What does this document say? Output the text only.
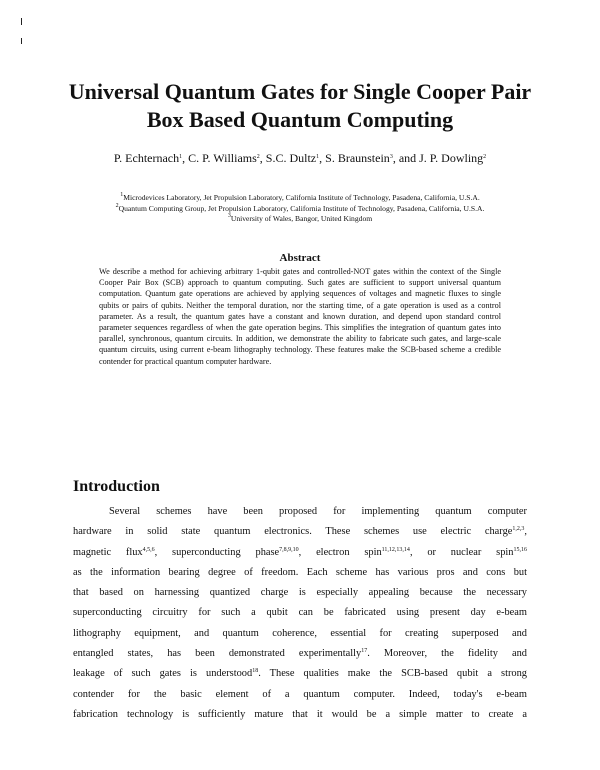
Universal Quantum Gates for Single Cooper Pair
Box Based Quantum Computing
P. Echternach$^1$, C. P. Williams$^2$, S.C. Dultz$^1$, S. Braunstein$^3$, and J. P. Dowling$^2$
$^1$Microdevices Laboratory, Jet Propulsion Laboratory, California Institute of Technology, Pasadena, California, U.S.A.
$^2$Quantum Computing Group, Jet Propulsion Laboratory, California Institute of Technology, Pasadena, California, U.S.A.
$^3$University of Wales, Bangor, United Kingdom
Abstract
We describe a method for achieving arbitrary 1-qubit gates and controlled-NOT gates within the context of the Single Cooper Pair Box (SCB) approach to quantum computing. Such gates are sufficient to support universal quantum computation. Quantum gate operations are achieved by applying sequences of voltages and magnetic fluxes to single qubits or pairs of qubits. Neither the temporal duration, nor the starting time, of a gate operation is used as a control parameter. As a result, the quantum gates have a constant and known duration, and depend upon standard control parameter sequences regardless of when the gate operation begins. This simplifies the integration of quantum gates into parallel, synchronous, quantum circuits. In addition, we demonstrate the ability to fabricate such gates, and large-scale quantum circuits, using current e-beam lithography technology. These features make the SCB-based scheme a credible contender for practical quantum computer hardware.
Introduction
Several schemes have been proposed for implementing quantum computer
hardware in solid state quantum electronics. These schemes use electric charge$^{1,2,3}$,
magnetic flux$^{4,5,6}$, superconducting phase$^{7,8,9,10}$, electron spin$^{11,12,13,14}$, or nuclear spin$^{15,16}$
as the information bearing degree of freedom. Each scheme has various pros and cons but
that based on harnessing quantized charge is especially appealing because the necessary
superconducting circuitry for such a qubit can be fabricated using present day e-beam
lithography equipment, and quantum coherence, essential for creating superposed and
entangled states, has been demonstrated experimentally$^{17}$. Moreover, the fidelity and
leakage of such gates is understood$^{18}$. These qualities make the SCB-based qubit a strong
contender for the basic element of a quantum computer. Indeed, today's e-beam
fabrication technology is sufficiently mature that it would be a simple matter to create a
